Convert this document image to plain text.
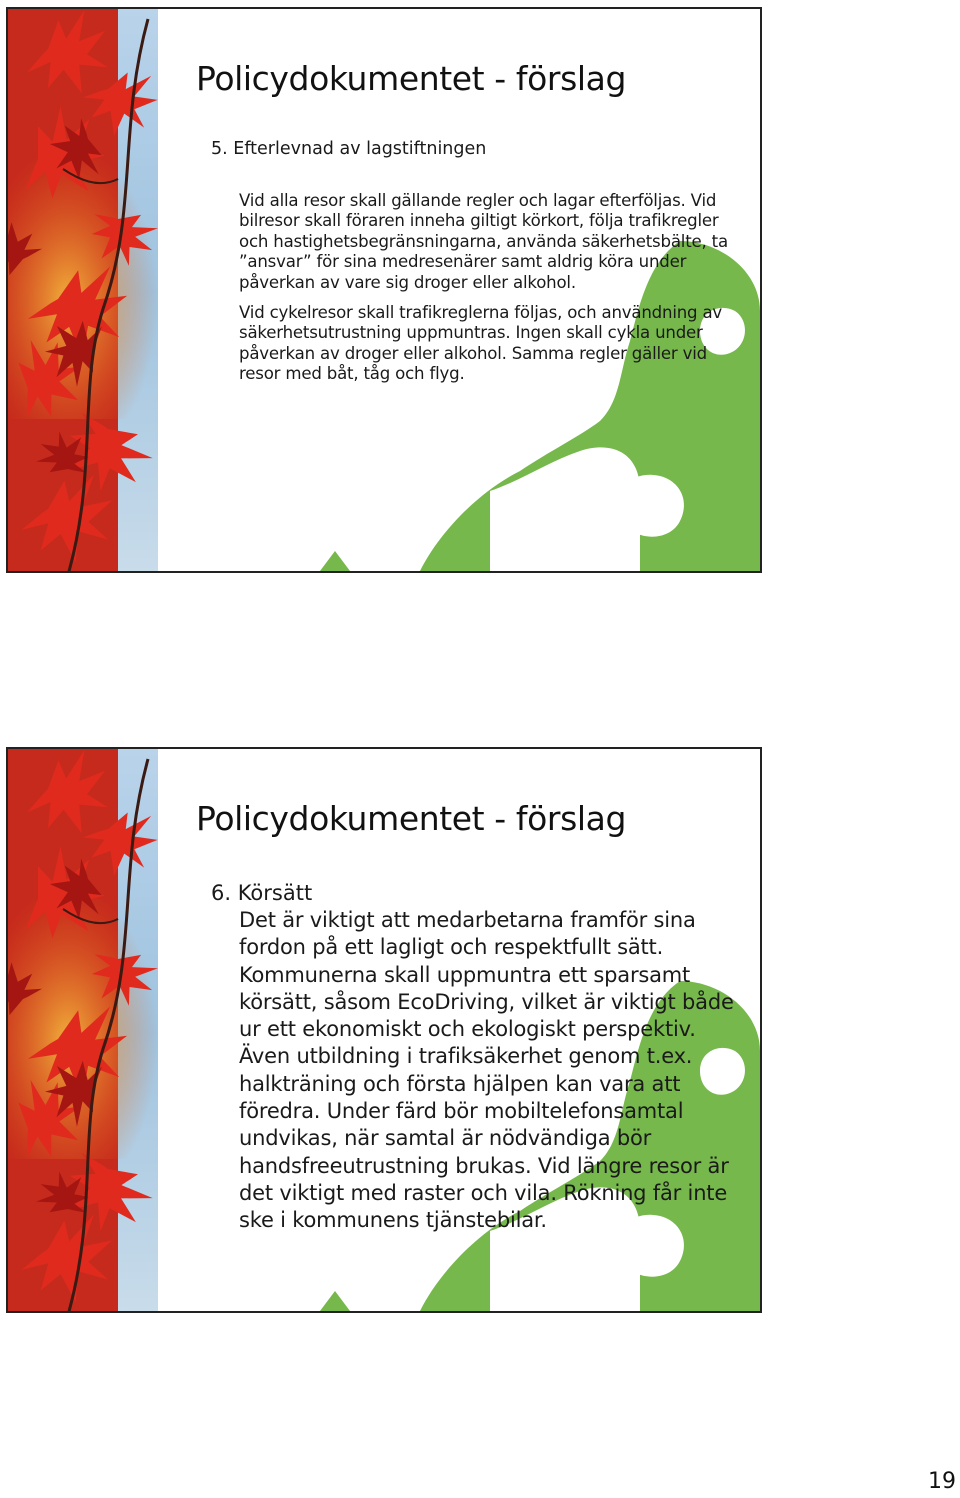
Policydokumentet - förslag
5. Efterlevnad av lagstiftningen

Vid alla resor skall gällande regler och lagar efterföljas. Vid bilresor skall föraren inneha giltigt körkort, följa trafikregler och hastighetsbegränsningarna, använda säkerhetsbälte, ta ”ansvar” för sina medresenärer samt aldrig köra under påverkan av vare sig droger eller alkohol.

Vid cykelresor skall trafikreglerna följas, och användning av säkerhetsutrustning uppmuntras. Ingen skall cykla under påverkan av droger eller alkohol. Samma regler gäller vid resor med båt, tåg och flyg.

Policydokumentet - förslag
6. Körsätt

Det är viktigt att medarbetarna framför sina fordon på ett lagligt och respektfullt sätt. Kommunerna skall uppmuntra ett sparsamt körsätt, såsom EcoDriving, vilket är viktigt både ur ett ekonomiskt och ekologiskt perspektiv. Även utbildning i trafiksäkerhet genom t.ex. halkträning och första hjälpen kan vara att föredra. Under färd bör mobiltelefonsamtal undvikas, när samtal är nödvändiga bör handsfreeutrustning brukas. Vid längre resor är det viktigt med raster och vila. Rökning får inte ske i kommunens tjänstebilar.

19
